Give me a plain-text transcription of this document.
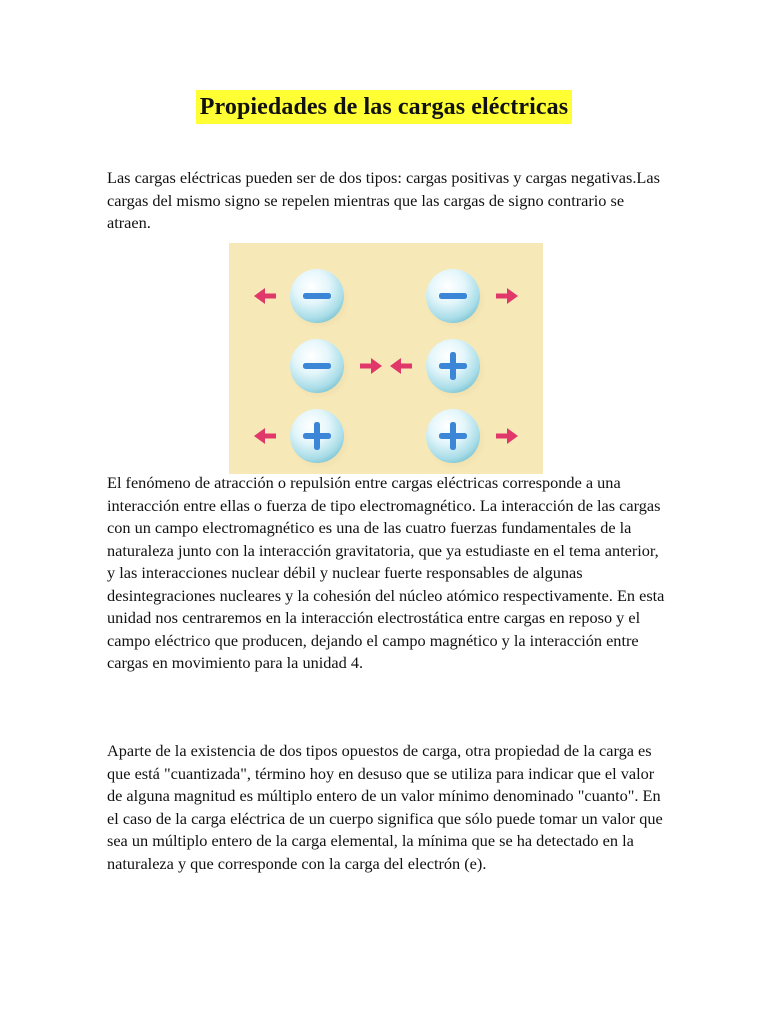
Propiedades de las cargas eléctricas

Las cargas eléctricas pueden ser de dos tipos: cargas positivas y cargas negativas.Las cargas del mismo signo se repelen mientras que las cargas de signo contrario se atraen.

El fenómeno de atracción o repulsión entre cargas eléctricas corresponde a una interacción entre ellas o fuerza de tipo electromagnético. La interacción de las cargas con un campo electromagnético es una de las cuatro fuerzas fundamentales de la naturaleza junto con la interacción gravitatoria, que ya estudiaste en el tema anterior, y las interacciones nuclear débil y nuclear fuerte responsables de algunas desintegraciones nucleares y la cohesión del núcleo atómico respectivamente. En esta unidad nos centraremos en la interacción electrostática entre cargas en reposo y el campo eléctrico que producen, dejando el campo magnético y la interacción entre cargas en movimiento para la unidad 4.

Aparte de la existencia de dos tipos opuestos de carga, otra propiedad de la carga es que está "cuantizada", término hoy en desuso que se utiliza para indicar que el valor de alguna magnitud es múltiplo entero de un valor mínimo denominado "cuanto". En el caso de la carga eléctrica de un cuerpo significa que sólo puede tomar un valor que sea un múltiplo entero de la carga elemental, la mínima que se ha detectado en la naturaleza y que corresponde con la carga del electrón (e).
